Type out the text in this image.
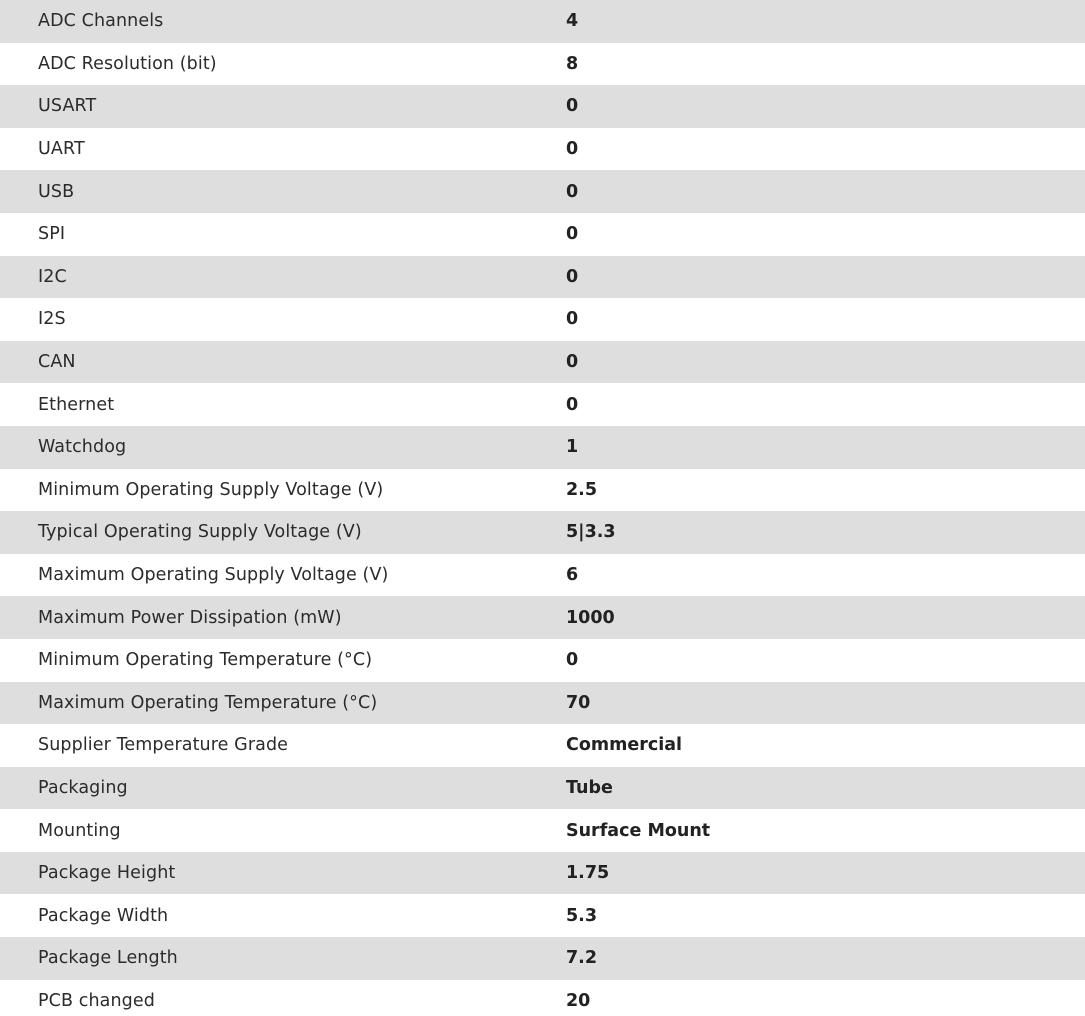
ADC Channels	4
ADC Resolution (bit)	8
USART	0
UART	0
USB	0
SPI	0
I2C	0
I2S	0
CAN	0
Ethernet	0
Watchdog	1
Minimum Operating Supply Voltage (V)	2.5
Typical Operating Supply Voltage (V)	5|3.3
Maximum Operating Supply Voltage (V)	6
Maximum Power Dissipation (mW)	1000
Minimum Operating Temperature (°C)	0
Maximum Operating Temperature (°C)	70
Supplier Temperature Grade	Commercial
Packaging	Tube
Mounting	Surface Mount
Package Height	1.75
Package Width	5.3
Package Length	7.2
PCB changed	20
